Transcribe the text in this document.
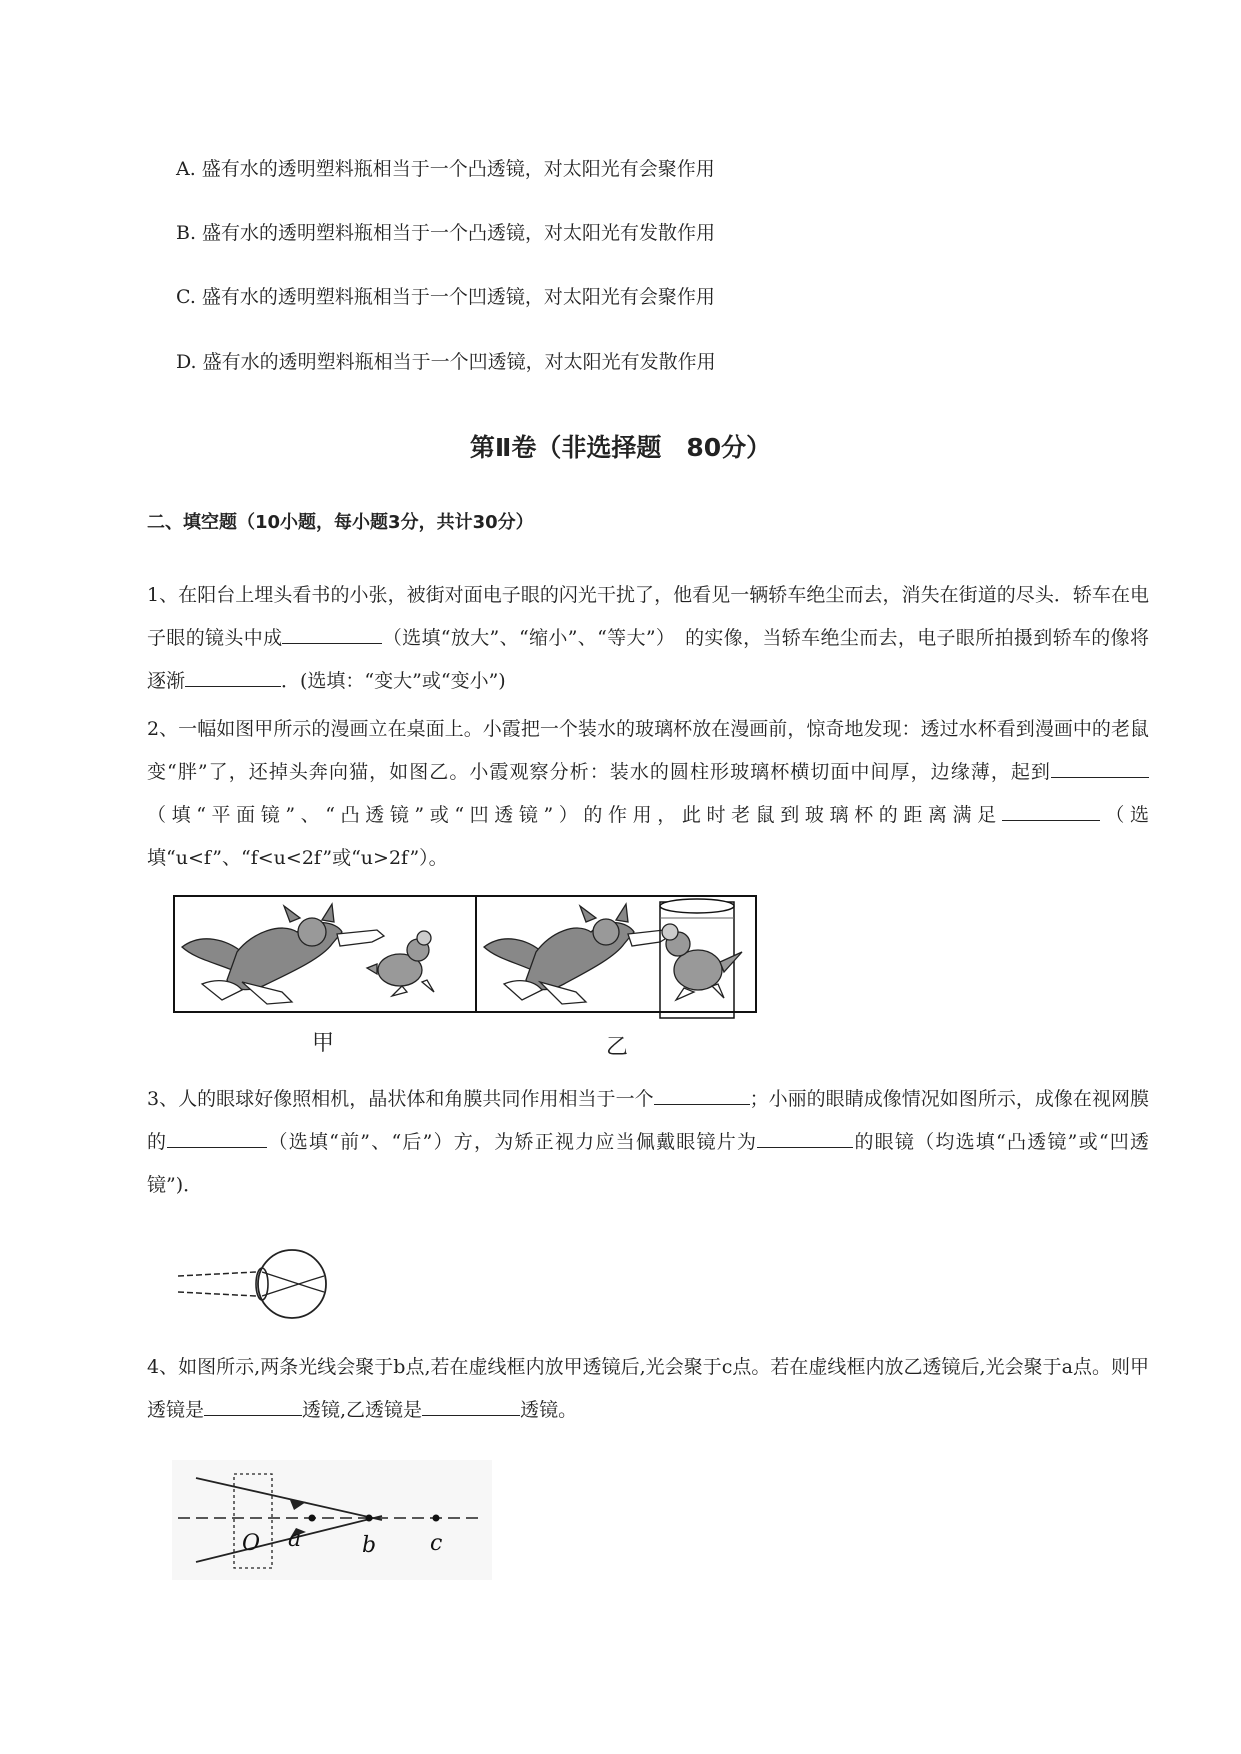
A. 盛有水的透明塑料瓶相当于一个凸透镜，对太阳光有会聚作用
B. 盛有水的透明塑料瓶相当于一个凸透镜，对太阳光有发散作用
C. 盛有水的透明塑料瓶相当于一个凹透镜，对太阳光有会聚作用
D. 盛有水的透明塑料瓶相当于一个凹透镜，对太阳光有发散作用
第Ⅱ卷（非选择题　80分）
二、填空题（10小题，每小题3分，共计30分）
1、在阳台上埋头看书的小张，被街对面电子眼的闪光干扰了，他看见一辆轿车绝尘而去，消失在街道的尽头．轿车在电子眼的镜头中成	（选填“放大”、“缩小”、“等大”）　的实像，当轿车绝尘而去，电子眼所拍摄到轿车的像将逐渐	．(选填：“变大”或“变小”)
2、一幅如图甲所示的漫画立在桌面上。小霞把一个装水的玻璃杯放在漫画前，惊奇地发现：透过水杯看到漫画中的老鼠变“胖”了，还掉头奔向猫，如图乙。小霞观察分析：装水的圆柱形玻璃杯横切面中间厚，边缘薄，起到（填“平面镜”、“凸透镜”或“凹透镜”）的作用，此时老鼠到玻璃杯的距离满足	（选填“u<f”、“f<u<2f”或“u>2f”）。
甲	乙
3、人的眼球好像照相机，晶状体和角膜共同作用相当于一个	；小丽的眼睛成像情况如图所示，成像在视网膜的	（选填“前”、“后”）方，为矫正视力应当佩戴眼镜片为	的眼镜（均选填“凸透镜”或“凹透镜”)．
4、如图所示,两条光线会聚于b点,若在虚线框内放甲透镜后,光会聚于c点。若在虚线框内放乙透镜后,光会聚于a点。则甲透镜是	透镜,乙透镜是	透镜。
O a	b c
